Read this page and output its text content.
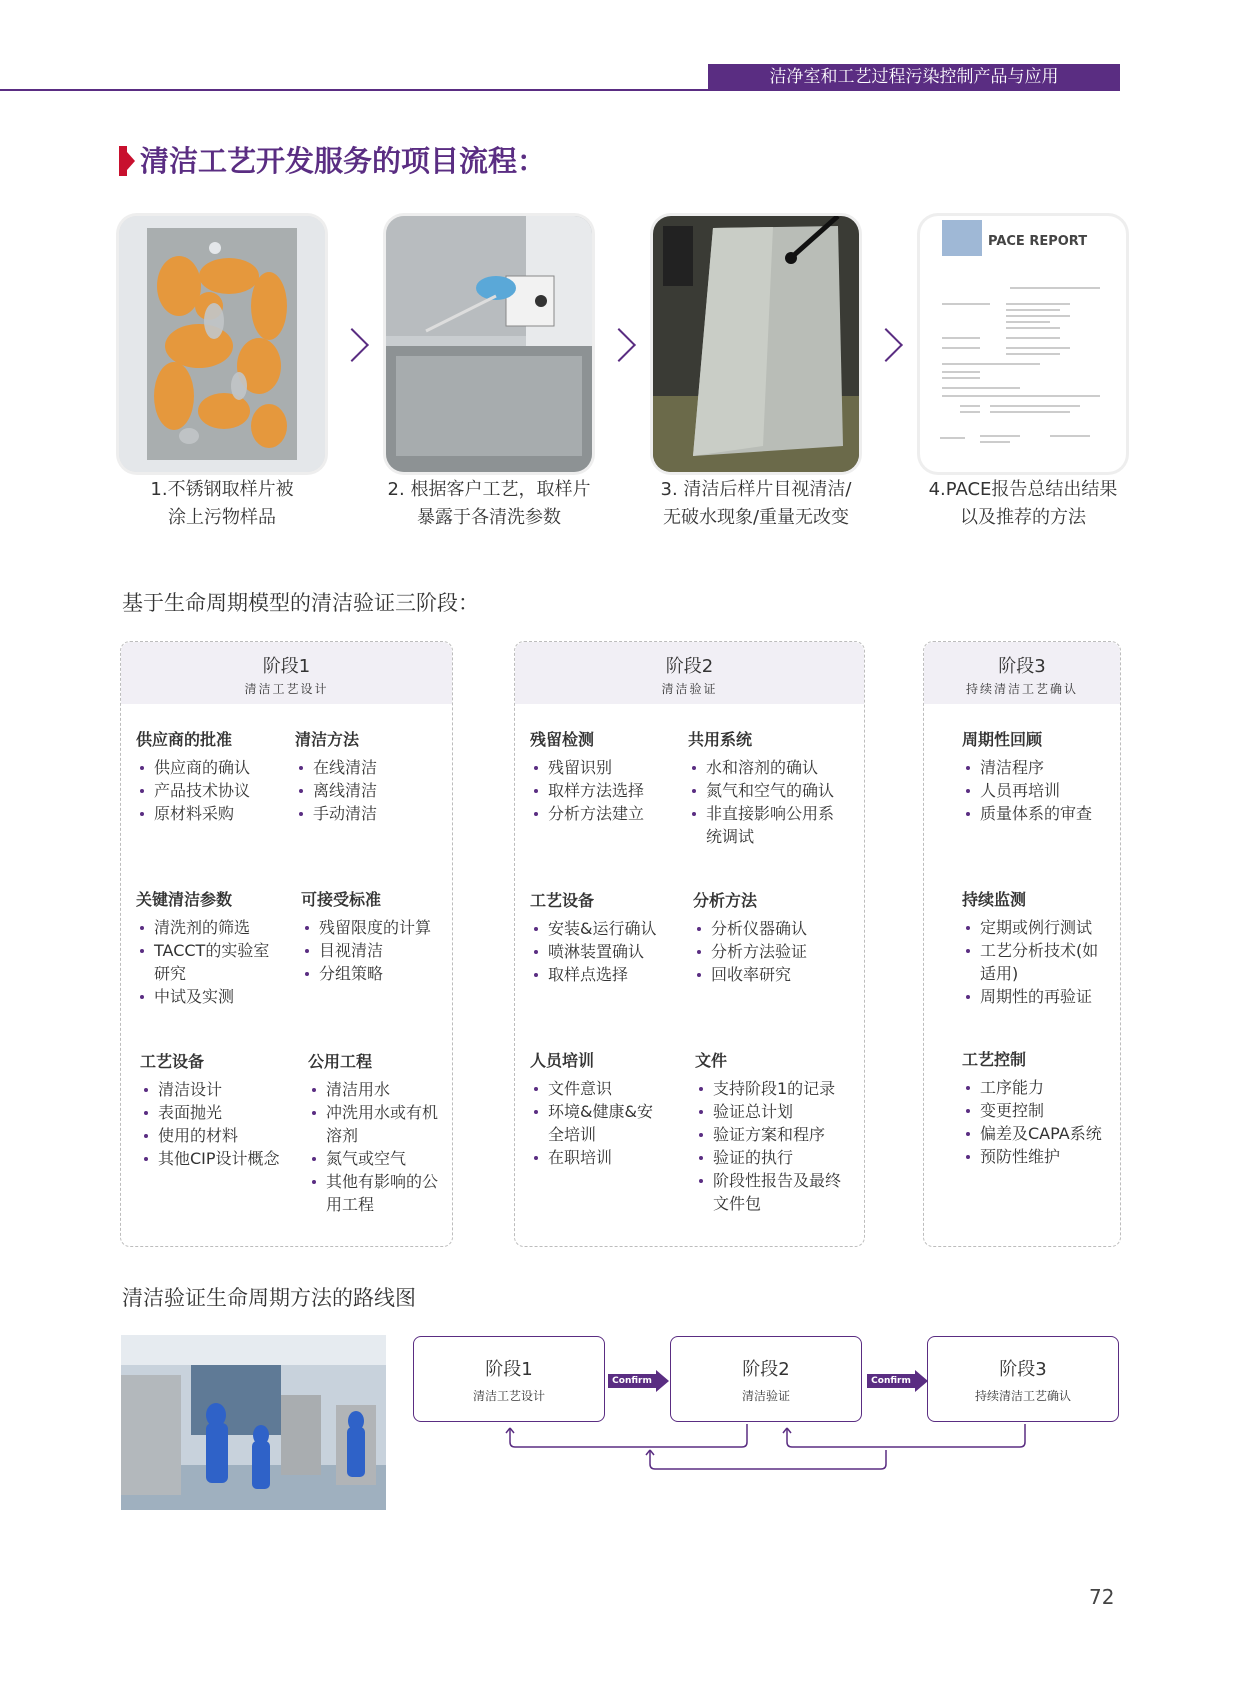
洁净室和工艺过程污染控制产品与应用
清洁工艺开发服务的项目流程：
PACE REPORT
1.不锈钢取样片被
涂上污物样品
2. 根据客户工艺，取样片
暴露于各清洗参数
3. 清洁后样片目视清洁/
无破水现象/重量无改变
4.PACE报告总结出结果
以及推荐的方法
基于生命周期模型的清洁验证三阶段：
阶段1
清洁工艺设计
供应商的批准
供应商的确认
产品技术协议
原材料采购
清洁方法
在线清洁
离线清洁
手动清洁
关键清洁参数
清洗剂的筛选
TACCT的实验室研究
中试及实测
可接受标准
残留限度的计算
目视清洁
分组策略
工艺设备
清洁设计
表面抛光
使用的材料
其他CIP设计概念
公用工程
清洁用水
冲洗用水或有机溶剂
氮气或空气
其他有影响的公用工程
阶段2
清洁验证
残留检测
残留识别
取样方法选择
分析方法建立
共用系统
水和溶剂的确认
氮气和空气的确认
非直接影响公用系统调试
工艺设备
安装&运行确认
喷淋装置确认
取样点选择
分析方法
分析仪器确认
分析方法验证
回收率研究
人员培训
文件意识
环境&健康&安全培训
在职培训
文件
支持阶段1的记录
验证总计划
验证方案和程序
验证的执行
阶段性报告及最终文件包
阶段3
持续清洁工艺确认
周期性回顾
清洁程序
人员再培训
质量体系的审查
持续监测
定期或例行测试
工艺分析技术(如适用)
周期性的再验证
工艺控制
工序能力
变更控制
偏差及CAPA系统
预防性维护
清洁验证生命周期方法的路线图
阶段1
清洁工艺设计
阶段2
清洁验证
阶段3
持续清洁工艺确认
Confirm	Confirm
72
